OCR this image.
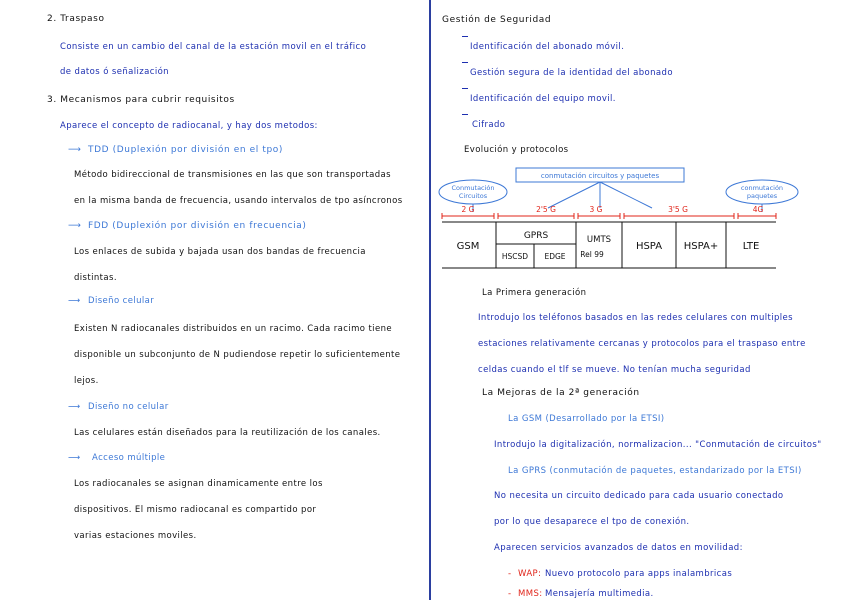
2. Traspaso
Consiste en un cambio del canal de la estación movil en el tráfico
de datos ó señalización
3. Mecanismos para cubrir requisitos
Aparece el concepto de radiocanal, y hay dos metodos:
⟶ TDD (Duplexión por división en el tpo)
Método bidireccional de transmisiones en las que son transportadas
en la misma banda de frecuencia, usando intervalos de tpo asíncronos
⟶ FDD (Duplexión por división en frecuencia)
Los enlaces de subida y bajada usan dos bandas de frecuencia
distintas.
⟶ Diseño celular
Existen N radiocanales distribuidos en un racimo. Cada racimo tiene
disponible un subconjunto de N pudiendose repetir lo suficientemente
lejos.
⟶ Diseño no celular
Las celulares están diseñados para la reutilización de los canales.
⟶ Acceso múltiple
Los radiocanales se asignan dinamicamente entre los
dispositivos. El mismo radiocanal es compartido por
varias estaciones moviles.
Gestión de Seguridad
Identificación del abonado móvil.
Gestión segura de la identidad del abonado
Identificación del equipo movil.
Cifrado
Evolución y protocolos
conmutación circuitos y paquetes
Conmutación
Circuitos
conmutación
paquetes
2 G	2'5 G	3 G	3'5 G	4G
GSM
GPRS
HSCSD EDGE
UMTS
Rel 99
HSPA HSPA+ LTE
La Primera generación
Introdujo los teléfonos basados en las redes celulares con multiples
estaciones relativamente cercanas y protocolos para el traspaso entre
celdas cuando el tlf se mueve. No tenían mucha seguridad
La Mejoras de la 2ª generación
La GSM (Desarrollado por la ETSI)
Introdujo la digitalización, normalizacion... "Conmutación de circuitos"
La GPRS (conmutación de paquetes, estandarizado por la ETSI)
No necesita un circuito dedicado para cada usuario conectado
por lo que desaparece el tpo de conexión.
Aparecen servicios avanzados de datos en movilidad:
- WAP: Nuevo protocolo para apps inalambricas
- MMS: Mensajería multimedia.
